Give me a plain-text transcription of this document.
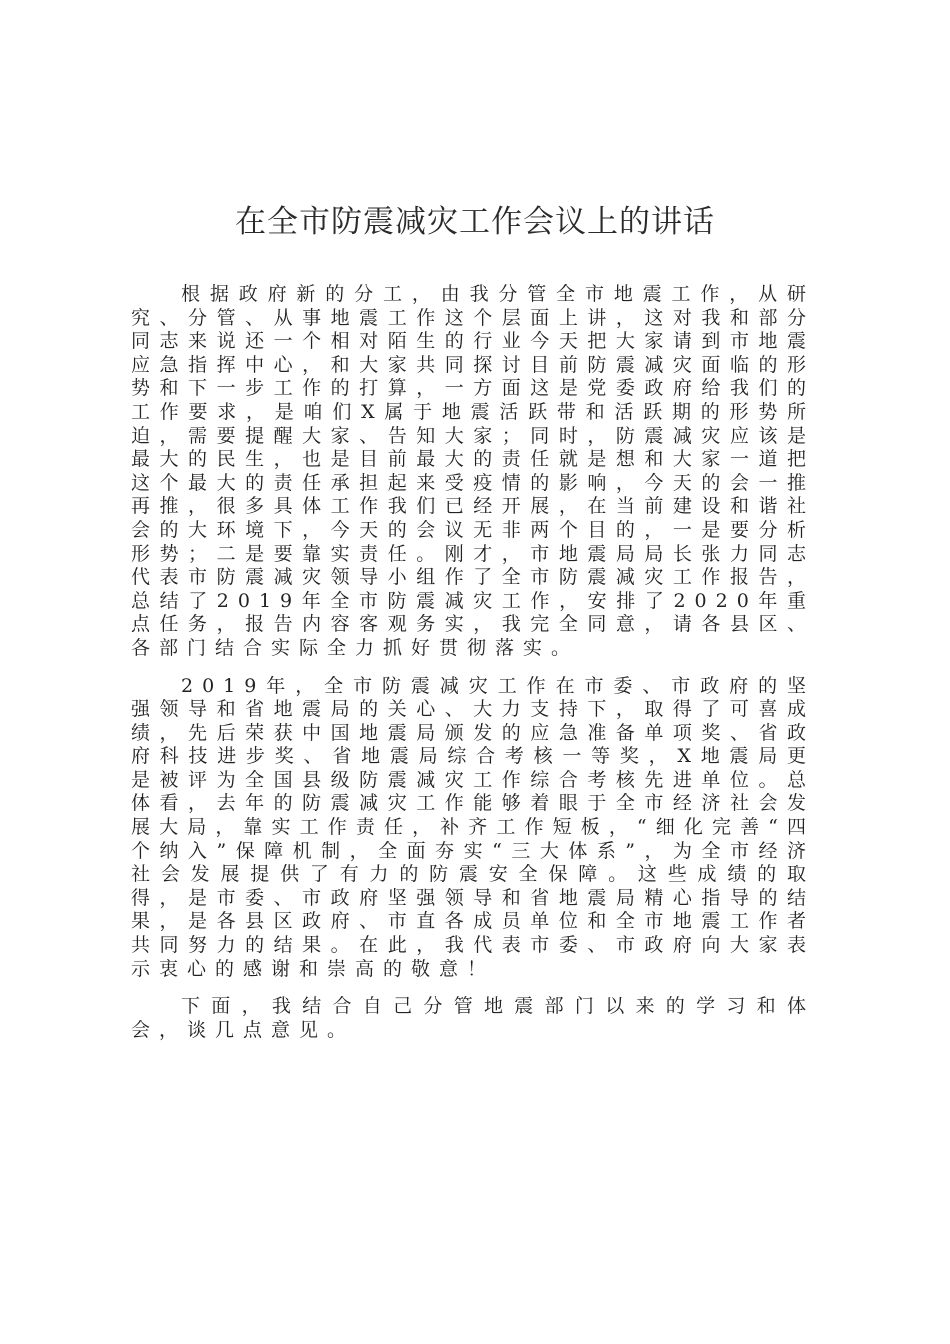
在全市防震减灾工作会议上的讲话

根据政府新的分工，由我分管全市地震工作，从研究、分管、从事地震工作这个层面上讲，这对我和部分同志来说还一个相对陌生的行业今天把大家请到市地震应急指挥中心，和大家共同探讨目前防震减灾面临的形势和下一步工作的打算，一方面这是党委政府给我们的工作要求，是咱们X属于地震活跃带和活跃期的形势所迫，需要提醒大家、告知大家；同时，防震减灾应该是最大的民生，也是目前最大的责任就是想和大家一道把这个最大的责任承担起来受疫情的影响，今天的会一推再推，很多具体工作我们已经开展，在当前建设和谐社会的大环境下，今天的会议无非两个目的，一是要分析形势；二是要靠实责任。刚才，市地震局局长张力同志代表市防震减灾领导小组作了全市防震减灾工作报告，总结了2019年全市防震减灾工作，安排了2020年重点任务，报告内容客观务实，我完全同意，请各县区、各部门结合实际全力抓好贯彻落实。

2019年，全市防震减灾工作在市委、市政府的坚强领导和省地震局的关心、大力支持下，取得了可喜成绩，先后荣获中国地震局颁发的应急准备单项奖、省政府科技进步奖、省地震局综合考核一等奖，X地震局更是被评为全国县级防震减灾工作综合考核先进单位。总体看，去年的防震减灾工作能够着眼于全市经济社会发展大局，靠实工作责任，补齐工作短板，“细化完善“四个纳入”保障机制，全面夯实“三大体系”，为全市经济社会发展提供了有力的防震安全保障。这些成绩的取得，是市委、市政府坚强领导和省地震局精心指导的结果，是各县区政府、市直各成员单位和全市地震工作者共同努力的结果。在此，我代表市委、市政府向大家表示衷心的感谢和崇高的敬意！

下面，我结合自己分管地震部门以来的学习和体会，谈几点意见。
